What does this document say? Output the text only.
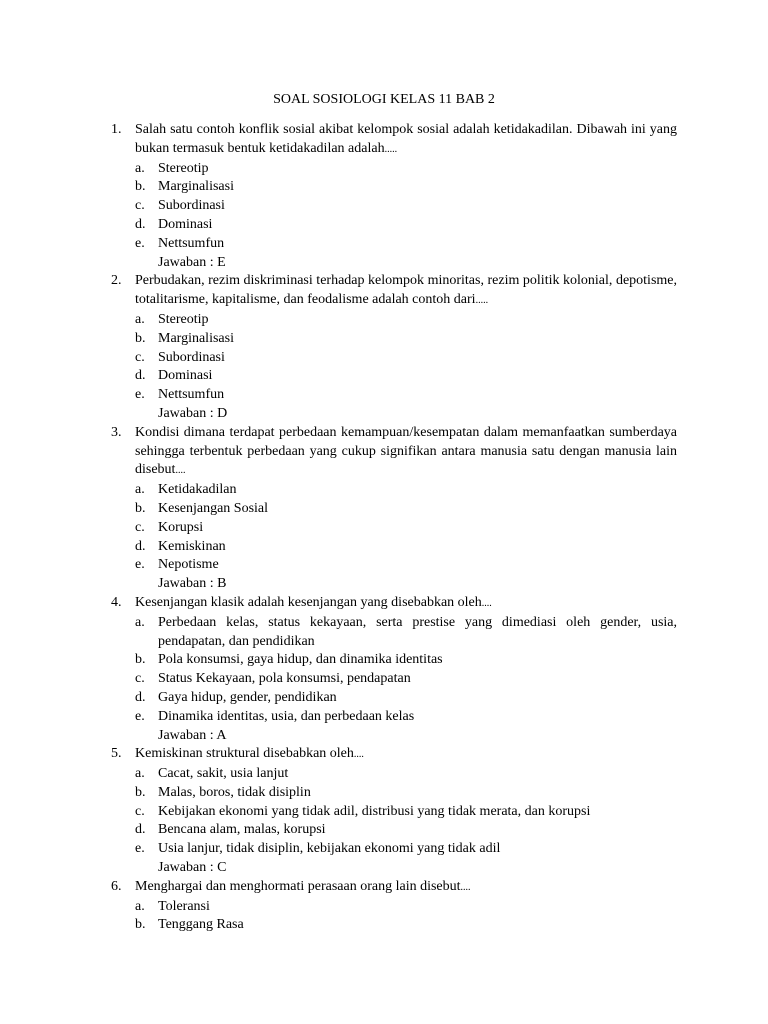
SOAL SOSIOLOGI KELAS 11 BAB 2
1. Salah satu contoh konflik sosial akibat kelompok sosial adalah ketidakadilan. Dibawah ini yang bukan termasuk bentuk ketidakadilan adalah.....
a. Stereotip
b. Marginalisasi
c. Subordinasi
d. Dominasi
e. Nettsumfun
Jawaban : E
2. Perbudakan, rezim diskriminasi terhadap kelompok minoritas, rezim politik kolonial, depotisme, totalitarisme, kapitalisme, dan feodalisme adalah contoh dari.....
a. Stereotip
b. Marginalisasi
c. Subordinasi
d. Dominasi
e. Nettsumfun
Jawaban : D
3. Kondisi dimana terdapat perbedaan kemampuan/kesempatan dalam memanfaatkan sumberdaya sehingga terbentuk perbedaan yang cukup signifikan antara manusia satu dengan manusia lain disebut....
a. Ketidakadilan
b. Kesenjangan Sosial
c. Korupsi
d. Kemiskinan
e. Nepotisme
Jawaban : B
4. Kesenjangan klasik adalah kesenjangan yang disebabkan oleh....
a. Perbedaan kelas, status kekayaan, serta prestise yang dimediasi oleh gender, usia, pendapatan, dan pendidikan
b. Pola konsumsi, gaya hidup, dan dinamika identitas
c. Status Kekayaan, pola konsumsi, pendapatan
d. Gaya hidup, gender, pendidikan
e. Dinamika identitas, usia, dan perbedaan kelas
Jawaban : A
5. Kemiskinan struktural disebabkan oleh....
a. Cacat, sakit, usia lanjut
b. Malas, boros, tidak disiplin
c. Kebijakan ekonomi yang tidak adil, distribusi yang tidak merata, dan korupsi
d. Bencana alam, malas, korupsi
e. Usia lanjur, tidak disiplin, kebijakan ekonomi yang tidak adil
Jawaban : C
6. Menghargai dan menghormati perasaan orang lain disebut....
a. Toleransi
b. Tenggang Rasa
